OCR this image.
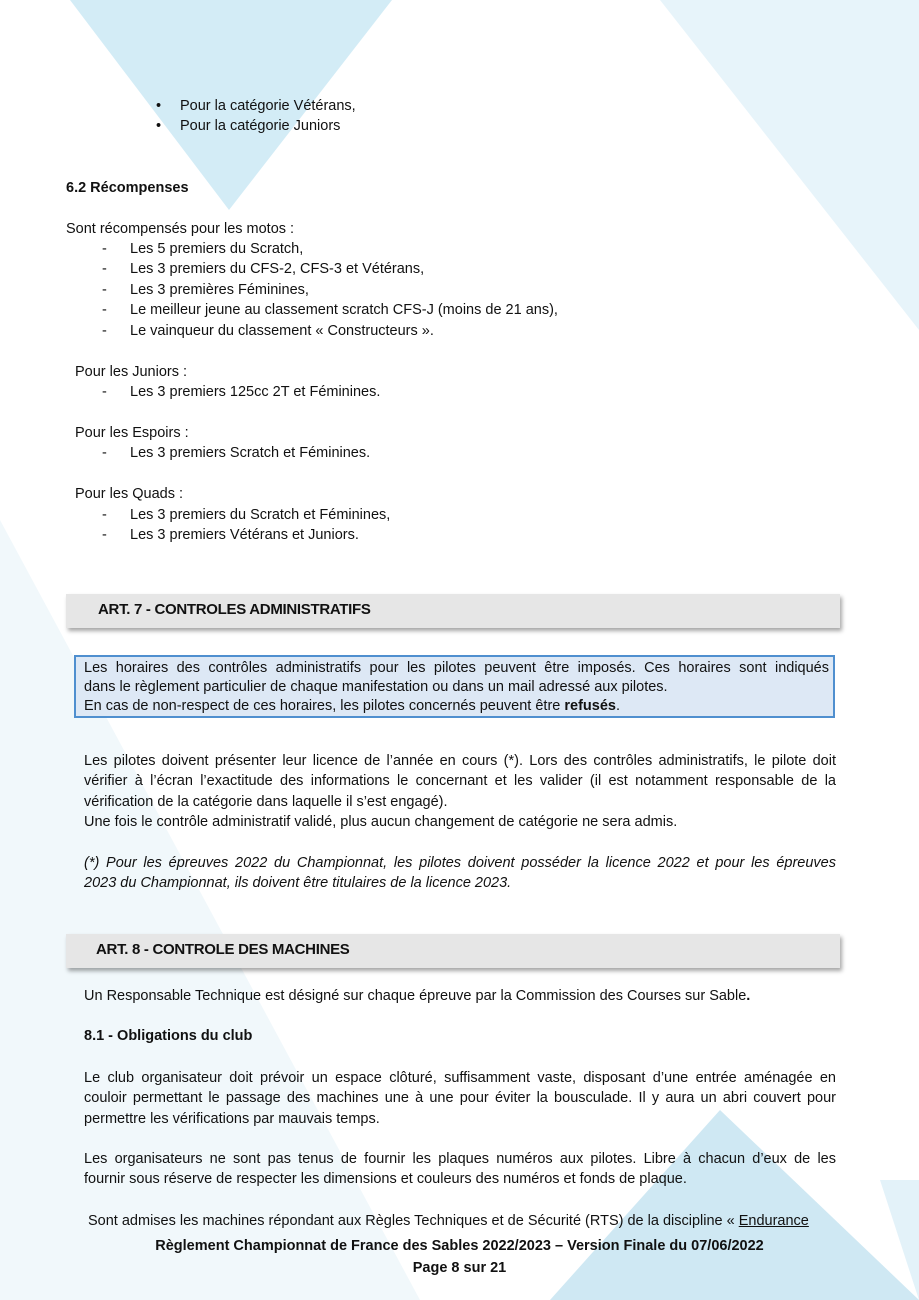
• Pour la catégorie Vétérans,
• Pour la catégorie Juniors
6.2 Récompenses
Sont récompensés pour les motos :
- Les 5 premiers du Scratch,
- Les 3 premiers du CFS-2, CFS-3 et Vétérans,
- Les 3 premières Féminines,
- Le meilleur jeune au classement scratch CFS-J (moins de 21 ans),
- Le vainqueur du classement « Constructeurs ».
Pour les Juniors :
- Les 3 premiers 125cc 2T et Féminines.
Pour les Espoirs :
- Les 3 premiers Scratch et Féminines.
Pour les Quads :
- Les 3 premiers du Scratch et Féminines,
- Les 3 premiers Vétérans et Juniors.
ART. 7 - CONTROLES ADMINISTRATIFS
Les horaires des contrôles administratifs pour les pilotes peuvent être imposés. Ces horaires sont indiqués
dans le règlement particulier de chaque manifestation ou dans un mail adressé aux pilotes.
En cas de non-respect de ces horaires, les pilotes concernés peuvent être refusés.
Les pilotes doivent présenter leur licence de l’année en cours (*). Lors des contrôles administratifs, le pilote doit
vérifier à l’écran l’exactitude des informations le concernant et les valider (il est notamment responsable de la
vérification de la catégorie dans laquelle il s’est engagé).
Une fois le contrôle administratif validé, plus aucun changement de catégorie ne sera admis.
(*) Pour les épreuves 2022 du Championnat, les pilotes doivent posséder la licence 2022 et pour les épreuves
2023 du Championnat, ils doivent être titulaires de la licence 2023.
ART. 8 - CONTROLE DES MACHINES
Un Responsable Technique est désigné sur chaque épreuve par la Commission des Courses sur Sable.
8.1 - Obligations du club
Le club organisateur doit prévoir un espace clôturé, suffisamment vaste, disposant d’une entrée aménagée en
couloir permettant le passage des machines une à une pour éviter la bousculade. Il y aura un abri couvert pour
permettre les vérifications par mauvais temps.
Les organisateurs ne sont pas tenus de fournir les plaques numéros aux pilotes. Libre à chacun d’eux de les
fournir sous réserve de respecter les dimensions et couleurs des numéros et fonds de plaque.
Sont admises les machines répondant aux Règles Techniques et de Sécurité (RTS) de la discipline « Endurance
Règlement Championnat de France des Sables 2022/2023 – Version Finale du 07/06/2022
Page 8 sur 21
